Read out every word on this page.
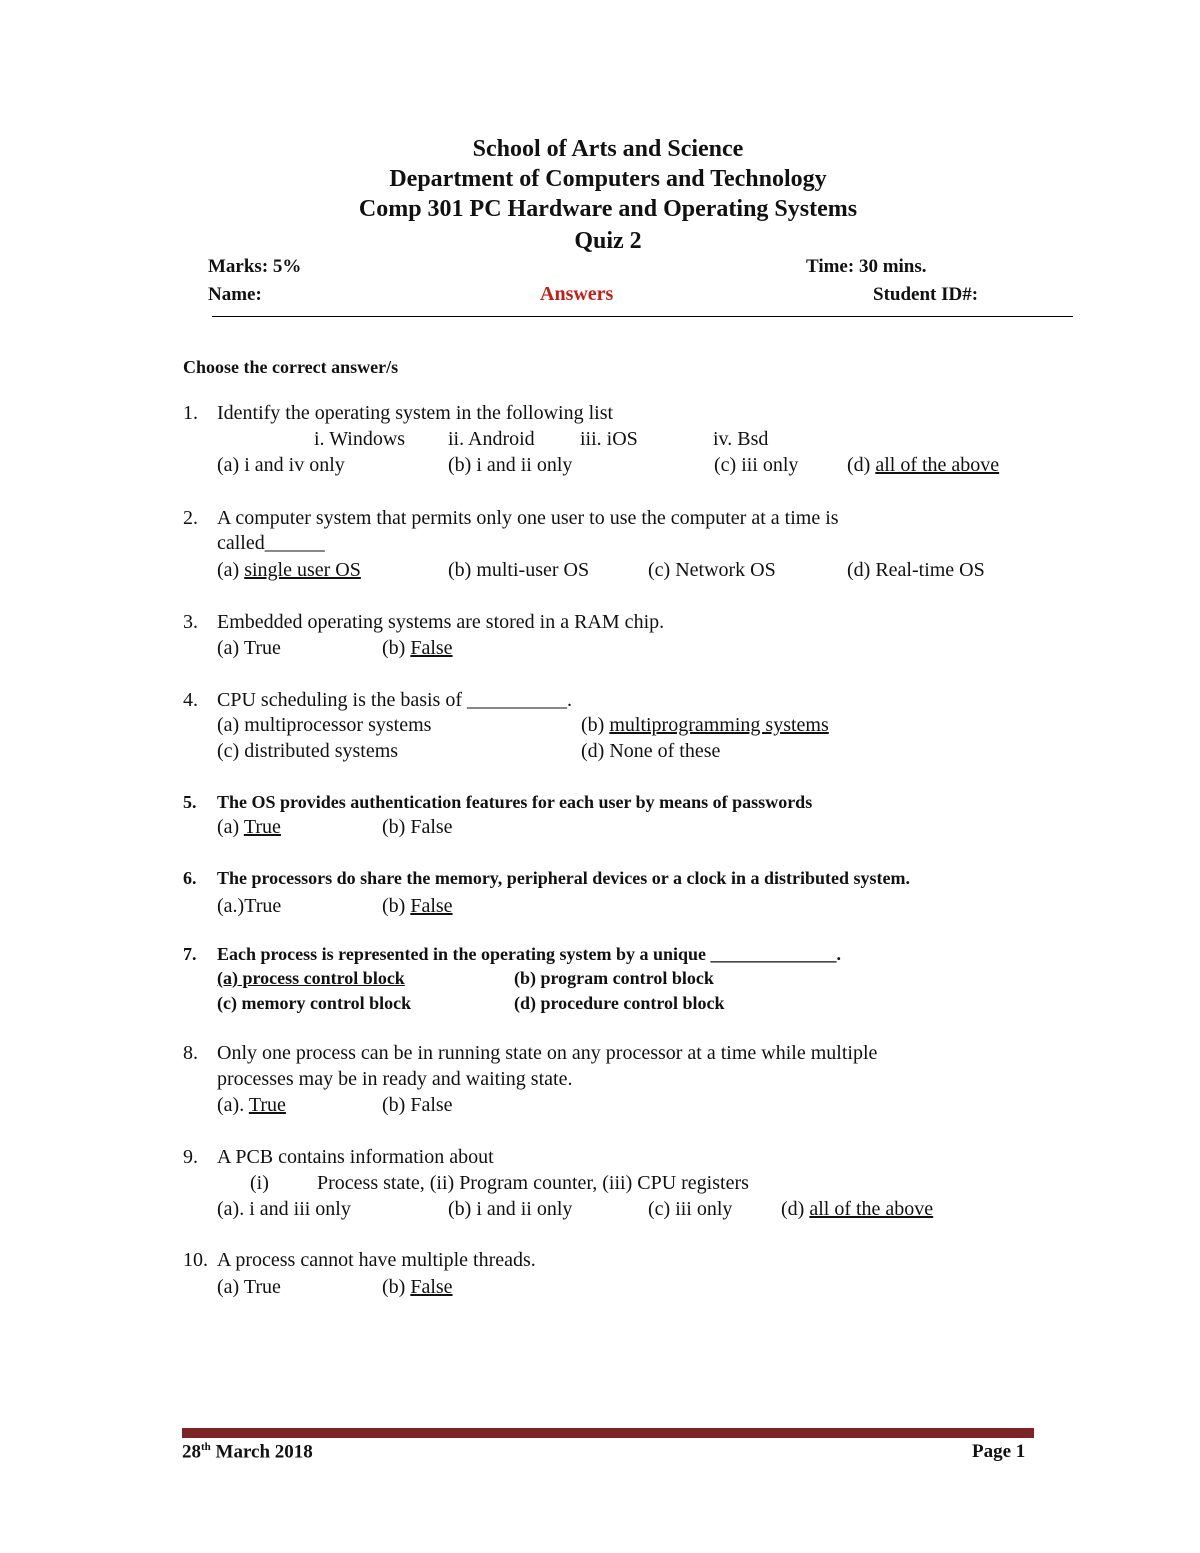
School of Arts and Science
Department of Computers and Technology
Comp 301 PC Hardware and Operating Systems
Quiz 2
Marks: 5%	Time: 30 mins.
Name:	Answers	Student ID#:
Choose the correct answer/s
1. Identify the operating system in the following list
i. Windows ii. Android iii. iOS	iv. Bsd
(a) i and iv only	(b) i and ii only	(c) iii only (d) all of the above
2. A computer system that permits only one user to use the computer at a time is
called______
(a) single user OS	(b) multi-user OS	(c) Network OS	(d) Real-time OS
3. Embedded operating systems are stored in a RAM chip.
(a) True	(b) False
4. CPU scheduling is the basis of __________.
(a) multiprocessor systems	(b) multiprogramming systems
(c) distributed systems	(d) None of these
5. The OS provides authentication features for each user by means of passwords
(a) True	(b) False
6. The processors do share the memory, peripheral devices or a clock in a distributed system.
(a.)True	(b) False
7. Each process is represented in the operating system by a unique ______________.
(a) process control block	(b) program control block
(c) memory control block	(d) procedure control block
8. Only one process can be in running state on any processor at a time while multiple
processes may be in ready and waiting state.
(a). True	(b) False
9. A PCB contains information about
(i) Process state, (ii) Program counter, (iii) CPU registers
(a). i and iii only	(b) i and ii only	(c) iii only (d) all of the above
10. A process cannot have multiple threads.
(a) True	(b) False
28th March 2018	Page 1
